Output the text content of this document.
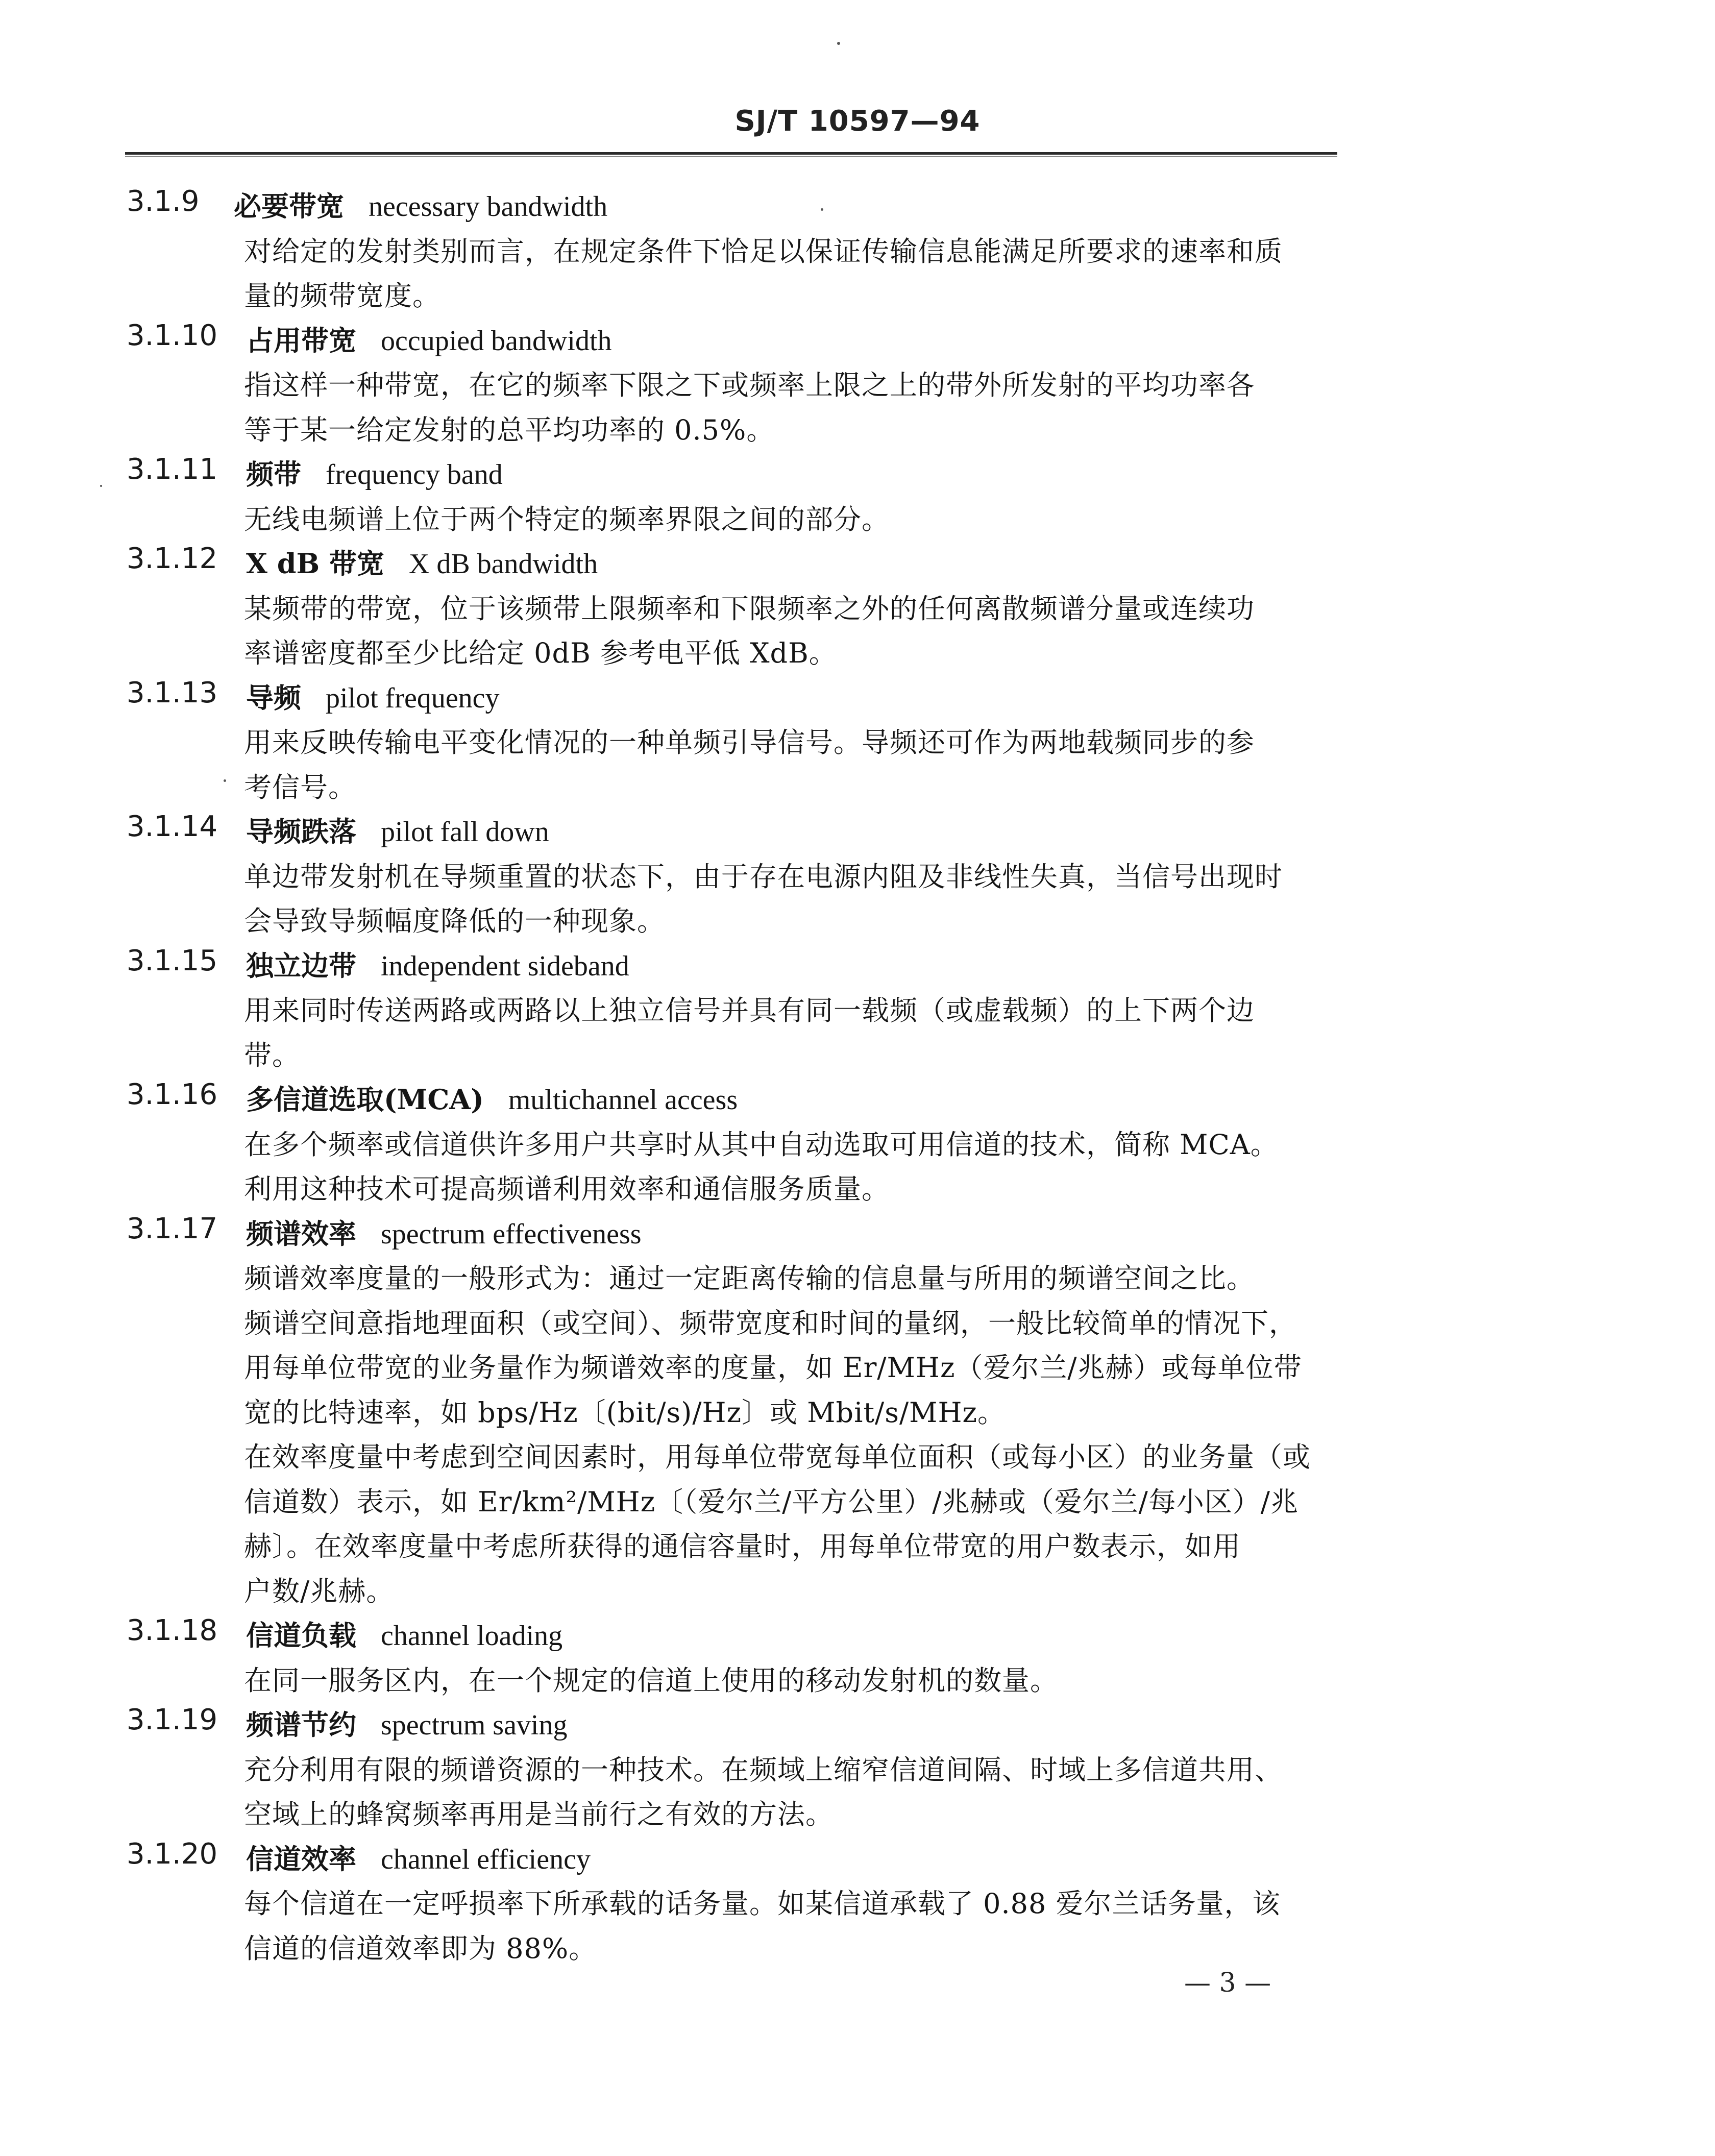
SJ/T 10597—94
3.1.9 必要带宽 necessary bandwidth
对给定的发射类别而言，在规定条件下恰足以保证传输信息能满足所要求的速率和质
量的频带宽度。
3.1.10 占用带宽 occupied bandwidth
指这样一种带宽，在它的频率下限之下或频率上限之上的带外所发射的平均功率各
等于某一给定发射的总平均功率的 0.5%。
3.1.11 频带 frequency band
无线电频谱上位于两个特定的频率界限之间的部分。
3.1.12 X dB 带宽 X dB bandwidth
某频带的带宽，位于该频带上限频率和下限频率之外的任何离散频谱分量或连续功
率谱密度都至少比给定 0dB 参考电平低 XdB。
3.1.13 导频 pilot frequency
用来反映传输电平变化情况的一种单频引导信号。导频还可作为两地载频同步的参
考信号。
3.1.14 导频跌落 pilot fall down
单边带发射机在导频重置的状态下，由于存在电源内阻及非线性失真，当信号出现时
会导致导频幅度降低的一种现象。
3.1.15 独立边带 independent sideband
用来同时传送两路或两路以上独立信号并具有同一载频（或虚载频）的上下两个边
带。
3.1.16 多信道选取(MCA) multichannel access
在多个频率或信道供许多用户共享时从其中自动选取可用信道的技术，简称 MCA。
利用这种技术可提高频谱利用效率和通信服务质量。
3.1.17 频谱效率 spectrum effectiveness
频谱效率度量的一般形式为：通过一定距离传输的信息量与所用的频谱空间之比。
频谱空间意指地理面积（或空间）、频带宽度和时间的量纲，一般比较简单的情况下，
用每单位带宽的业务量作为频谱效率的度量，如 Er/MHz（爱尔兰/兆赫）或每单位带
宽的比特速率，如 bps/Hz〔(bit/s)/Hz〕或 Mbit/s/MHz。
在效率度量中考虑到空间因素时，用每单位带宽每单位面积（或每小区）的业务量（或
信道数）表示，如 Er/km²/MHz〔（爱尔兰/平方公里）/兆赫或（爱尔兰/每小区）/兆
赫〕。在效率度量中考虑所获得的通信容量时，用每单位带宽的用户数表示，如用
户数/兆赫。
3.1.18 信道负载 channel loading
在同一服务区内，在一个规定的信道上使用的移动发射机的数量。
3.1.19 频谱节约 spectrum saving
充分利用有限的频谱资源的一种技术。在频域上缩窄信道间隔、时域上多信道共用、
空域上的蜂窝频率再用是当前行之有效的方法。
3.1.20 信道效率 channel efficiency
每个信道在一定呼损率下所承载的话务量。如某信道承载了 0.88 爱尔兰话务量，该
信道的信道效率即为 88%。
— 3 —
